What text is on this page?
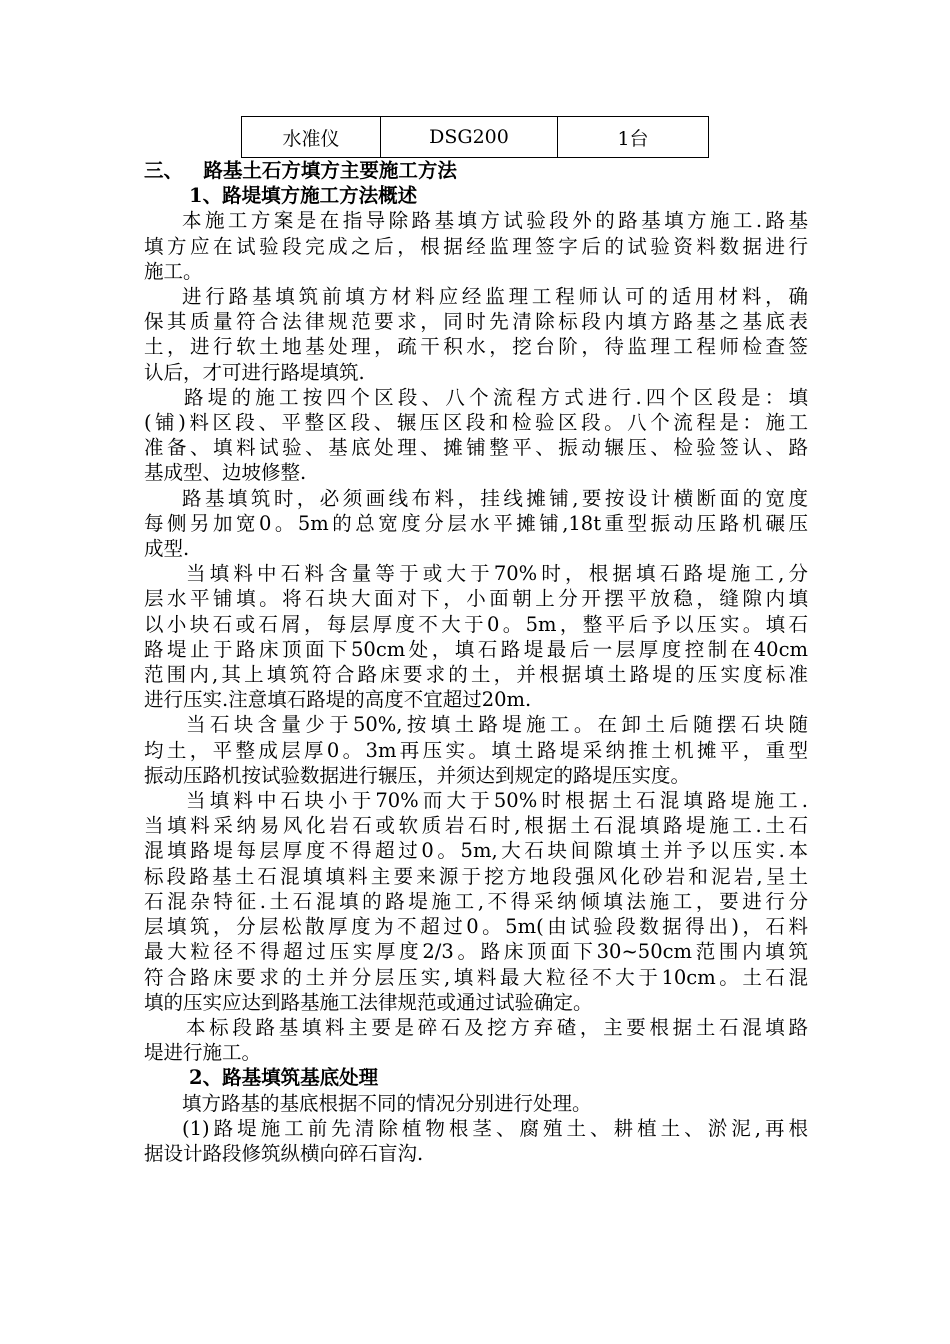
水准仪	DSG200	1台
三、   路基土石方填方主要施工方法
1、路堤填方施工方法概述
本施工方案是在指导除路基填方试验段外的路基填方施工.路基
填方应在试验段完成之后，根据经监理签字后的试验资料数据进行
施工。
进行路基填筑前填方材料应经监理工程师认可的适用材料，确
保其质量符合法律规范要求，同时先清除标段内填方路基之基底表
土，进行软土地基处理，疏干积水，挖台阶，待监理工程师检查签
认后，才可进行路堤填筑.
路堤的施工按四个区段、八个流程方式进行.四个区段是：填
(铺)料区段、平整区段、辗压区段和检验区段。八个流程是：施工
准备、填料试验、基底处理、摊铺整平、振动辗压、检验签认、路
基成型、边坡修整.
路基填筑时，必须画线布料，挂线摊铺,要按设计横断面的宽度
每侧另加宽0。5m的总宽度分层水平摊铺,18t重型振动压路机碾压
成型.
当填料中石料含量等于或大于70%时，根据填石路堤施工,分
层水平铺填。将石块大面对下，小面朝上分开摆平放稳，缝隙内填
以小块石或石屑，每层厚度不大于0。5m，整平后予以压实。填石
路堤止于路床顶面下50cm处，填石路堤最后一层厚度控制在40cm
范围内,其上填筑符合路床要求的土，并根据填土路堤的压实度标准
进行压实.注意填石路堤的高度不宜超过20m.
当石块含量少于50%,按填土路堤施工。在卸土后随摆石块随
均土，平整成层厚0。3m再压实。填土路堤采纳推土机摊平，重型
振动压路机按试验数据进行辗压，并须达到规定的路堤压实度。
当填料中石块小于70%而大于50%时根据土石混填路堤施工.
当填料采纳易风化岩石或软质岩石时,根据土石混填路堤施工.土石
混填路堤每层厚度不得超过0。5m,大石块间隙填土并予以压实.本
标段路基土石混填填料主要来源于挖方地段强风化砂岩和泥岩,呈土
石混杂特征.土石混填的路堤施工,不得采纳倾填法施工，要进行分
层填筑，分层松散厚度为不超过0。5m(由试验段数据得出)，石料
最大粒径不得超过压实厚度2/3。路床顶面下30~50cm范围内填筑
符合路床要求的土并分层压实,填料最大粒径不大于10cm。土石混
填的压实应达到路基施工法律规范或通过试验确定。
本标段路基填料主要是碎石及挖方弃碴，主要根据土石混填路
堤进行施工。
2、路基填筑基底处理
填方路基的基底根据不同的情况分别进行处理。
(1)路堤施工前先清除植物根茎、腐殖土、耕植土、淤泥,再根
据设计路段修筑纵横向碎石盲沟.
